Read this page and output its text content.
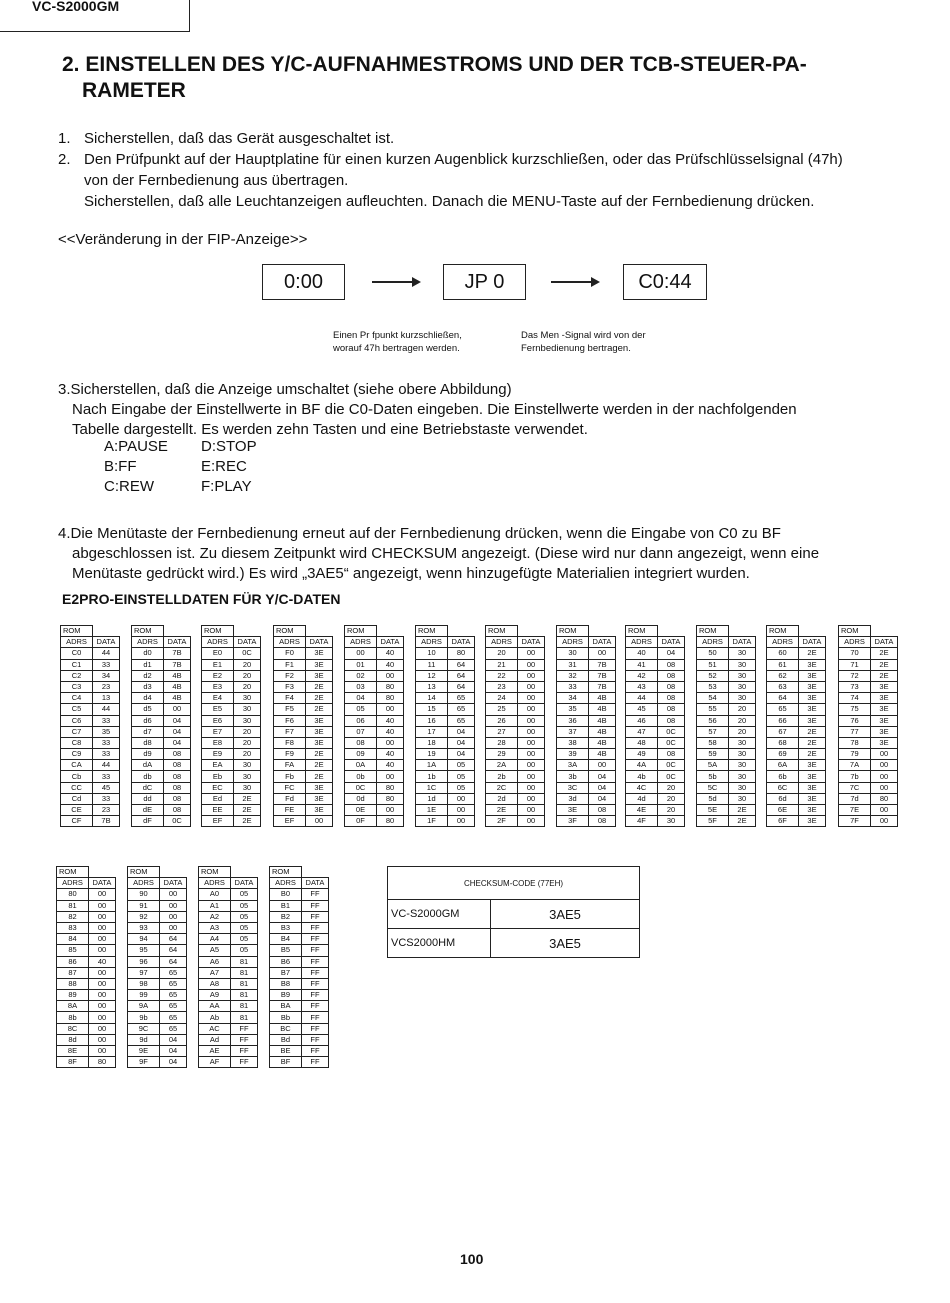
VC-S2000GM
2. EINSTELLEN DES Y/C-AUFNAHMESTROMS UND DER TCB-STEUER-PA-
RAMETER
1. Sicherstellen, daß das Gerät ausgeschaltet ist.
2. Den Prüfpunkt auf der Hauptplatine für einen kurzen Augenblick kurzschließen, oder das Prüfschlüsselsignal (47h)
von der Fernbedienung aus übertragen.
Sicherstellen, daß alle Leuchtanzeigen aufleuchten. Danach die MENU-Taste auf der Fernbedienung drücken.
<<Veränderung in der FIP-Anzeige>>
0:00	JP 0	C0:44
Einen Pr fpunkt kurzschließen,
worauf 47h bertragen werden.
Das Men -Signal wird von der
Fernbedienung bertragen.
3.Sicherstellen, daß die Anzeige umschaltet (siehe obere Abbildung)
Nach Eingabe der Einstellwerte in BF die C0-Daten eingeben. Die Einstellwerte werden in der nachfolgenden
Tabelle dargestellt. Es werden zehn Tasten und eine Betriebstaste verwendet.
A:PAUSE	D:STOP
B:FF	E:REC
C:REW	F:PLAY
4.Die Menütaste der Fernbedienung erneut auf der Fernbedienung drücken, wenn die Eingabe von C0 zu BF
abgeschlossen ist. Zu diesem Zeitpunkt wird CHECKSUM angezeigt. (Diese wird nur dann angezeigt, wenn eine
Menütaste gedrückt wird.) Es wird „3AE5“ angezeigt, wenn hinzugefügte Materialien integriert wurden.
E2PRO-EINSTELLDATEN FÜR Y/C-DATEN
ROM	
ADRS	DATA
C0	44
C1	33
C2	34
C3	23
C4	13
C5	44
C6	33
C7	35
C8	33
C9	33
CA	44
Cb	33
CC	45
Cd	33
CE	23
CF	7B
ROM	
ADRS	DATA
d0	7B
d1	7B
d2	4B
d3	4B
d4	4B
d5	00
d6	04
d7	04
d8	04
d9	08
dA	08
db	08
dC	08
dd	08
dE	08
dF	0C
ROM	
ADRS	DATA
E0	0C
E1	20
E2	20
E3	20
E4	30
E5	30
E6	30
E7	20
E8	20
E9	20
EA	30
Eb	30
EC	30
Ed	2E
EE	2E
EF	2E
ROM	
ADRS	DATA
F0	3E
F1	3E
F2	3E
F3	2E
F4	2E
F5	2E
F6	3E
F7	3E
F8	3E
F9	2E
FA	2E
Fb	2E
FC	3E
Fd	3E
FE	3E
EF	00
ROM	
ADRS	DATA
00	40
01	40
02	00
03	80
04	80
05	00
06	40
07	40
08	00
09	40
0A	40
0b	00
0C	80
0d	80
0E	00
0F	80
ROM	
ADRS	DATA
10	80
11	64
12	64
13	64
14	65
15	65
16	65
17	04
18	04
19	04
1A	05
1b	05
1C	05
1d	00
1E	00
1F	00
ROM	
ADRS	DATA
20	00
21	00
22	00
23	00
24	00
25	00
26	00
27	00
28	00
29	00
2A	00
2b	00
2C	00
2d	00
2E	00
2F	00
ROM	
ADRS	DATA
30	00
31	7B
32	7B
33	7B
34	4B
35	4B
36	4B
37	4B
38	4B
39	4B
3A	00
3b	04
3C	04
3d	04
3E	08
3F	08
ROM	
ADRS	DATA
40	04
41	08
42	08
43	08
44	08
45	08
46	08
47	0C
48	0C
49	08
4A	0C
4b	0C
4C	20
4d	20
4E	20
4F	30
ROM	
ADRS	DATA
50	30
51	30
52	30
53	30
54	30
55	20
56	20
57	20
58	30
59	30
5A	30
5b	30
5C	30
5d	30
5E	2E
5F	2E
ROM	
ADRS	DATA
60	2E
61	3E
62	3E
63	3E
64	3E
65	3E
66	3E
67	2E
68	2E
69	2E
6A	3E
6b	3E
6C	3E
6d	3E
6E	3E
6F	3E
ROM	
ADRS	DATA
70	2E
71	2E
72	2E
73	3E
74	3E
75	3E
76	3E
77	3E
78	3E
79	00
7A	00
7b	00
7C	00
7d	80
7E	00
7F	00
ROM	
ADRS	DATA
80	00
81	00
82	00
83	00
84	00
85	00
86	40
87	00
88	00
89	00
8A	00
8b	00
8C	00
8d	00
8E	00
8F	80
ROM	
ADRS	DATA
90	00
91	00
92	00
93	00
94	64
95	64
96	64
97	65
98	65
99	65
9A	65
9b	65
9C	65
9d	04
9E	04
9F	04
ROM	
ADRS	DATA
A0	05
A1	05
A2	05
A3	05
A4	05
A5	05
A6	81
A7	81
A8	81
A9	81
AA	81
Ab	81
AC	FF
Ad	FF
AE	FF
AF	FF
ROM	
ADRS	DATA
B0	FF
B1	FF
B2	FF
B3	FF
B4	FF
B5	FF
B6	FF
B7	FF
B8	FF
B9	FF
BA	FF
Bb	FF
BC	FF
Bd	FF
BE	FF
BF	FF
CHECKSUM-CODE (77EH)	
VC-S2000GM	3AE5
VCS2000HM	3AE5
100
